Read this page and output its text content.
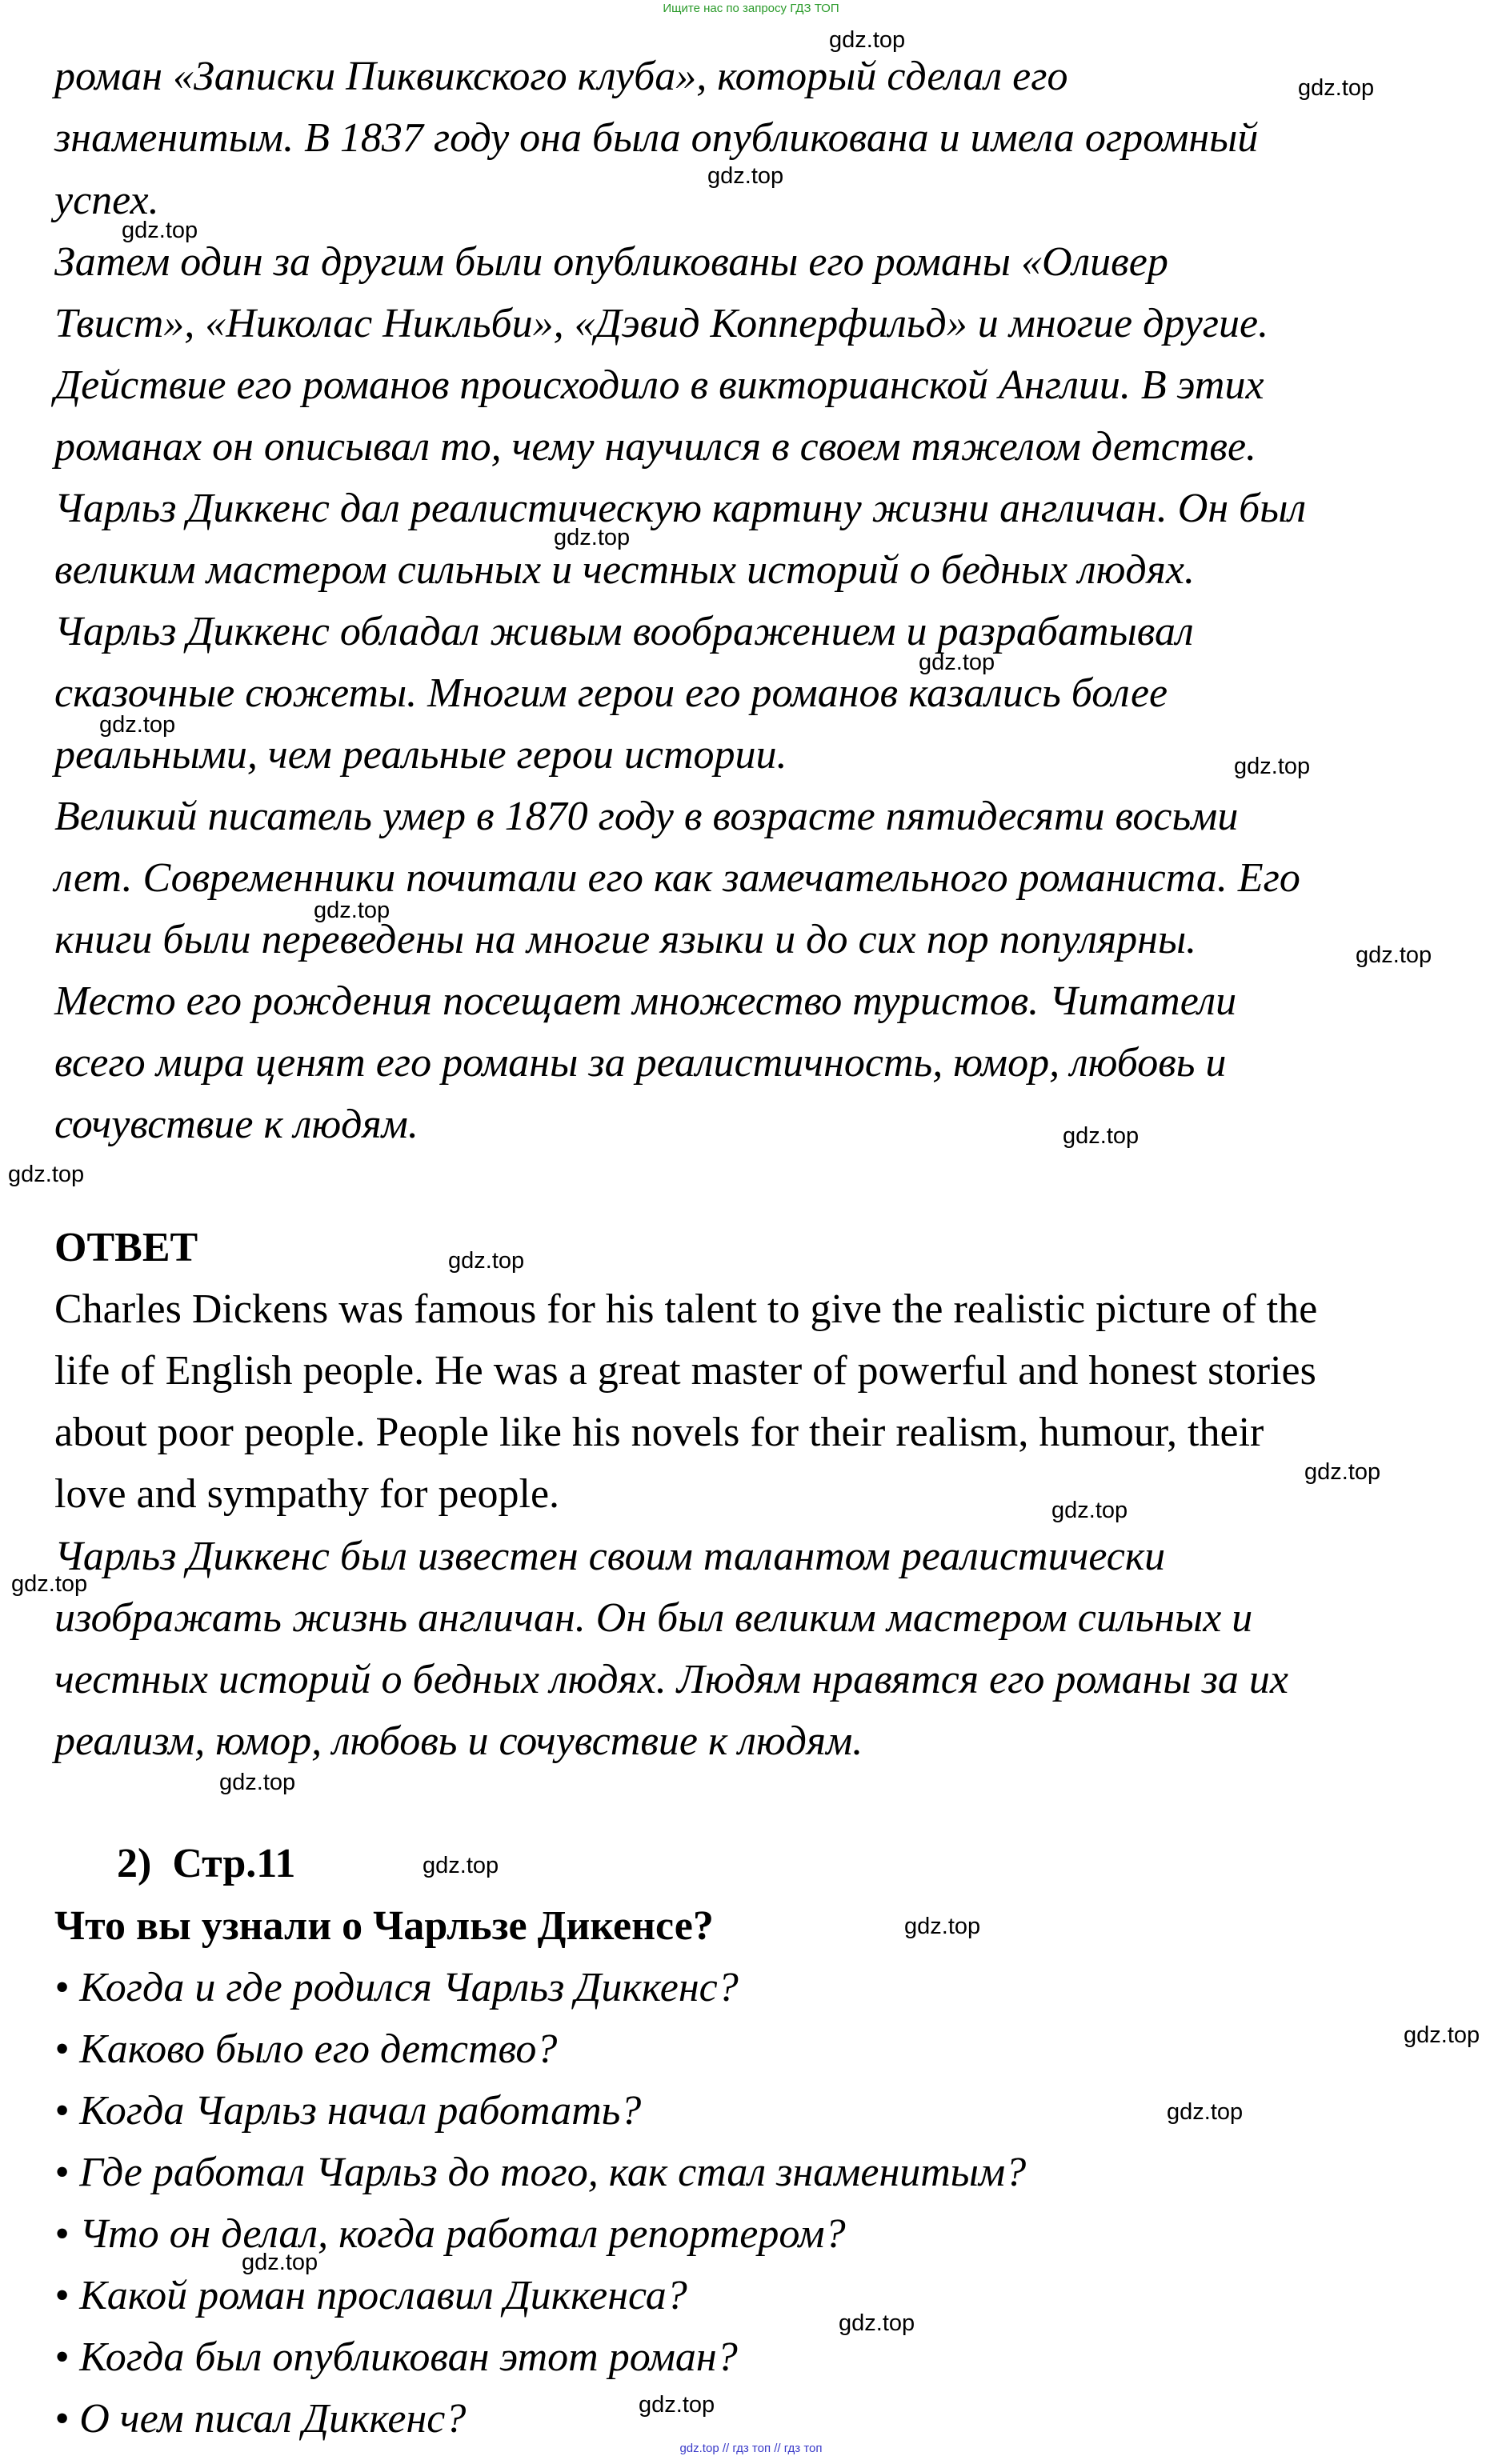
Ищите нас по запросу ГДЗ ТОП
роман «Записки Пиквикского клуба», который сделал его
знаменитым. В 1837 году она была опубликована и имела огромный
успех.
Затем один за другим были опубликованы его романы «Оливер
Твист», «Николас Никльби», «Дэвид Копперфильд» и многие другие.
Действие его романов происходило в викторианской Англии. В этих
романах он описывал то, чему научился в своем тяжелом детстве.
Чарльз Диккенс дал реалистическую картину жизни англичан. Он был
великим мастером сильных и честных историй о бедных людях.
Чарльз Диккенс обладал живым воображением и разрабатывал
сказочные сюжеты. Многим герои его романов казались более
реальными, чем реальные герои истории.
Великий писатель умер в 1870 году в возрасте пятидесяти восьми
лет. Современники почитали его как замечательного романиста. Его
книги были переведены на многие языки и до сих пор популярны.
Место его рождения посещает множество туристов. Читатели
всего мира ценят его романы за реалистичность, юмор, любовь и
сочувствие к людям.
ОТВЕТ
Charles Dickens was famous for his talent to give the realistic picture of the
life of English people. He was a great master of powerful and honest stories
about poor people. People like his novels for their realism, humour, their
love and sympathy for people.
Чарльз Диккенс был известен своим талантом реалистически
изображать жизнь англичан. Он был великим мастером сильных и
честных историй о бедных людях. Людям нравятся его романы за их
реализм, юмор, любовь и сочувствие к людям.
2)  Стр.11
Что вы узнали о Чарльзе Дикенсе?
• Когда и где родился Чарльз Диккенс?
• Каково было его детство?
• Когда Чарльз начал работать?
• Где работал Чарльз до того, как стал знаменитым?
• Что он делал, когда работал репортером?
• Какой роман прославил Диккенса?
• Когда был опубликован этот роман?
• О чем писал Диккенс?
gdz.top
gdz.top
gdz.top
gdz.top
gdz.top
gdz.top
gdz.top
gdz.top
gdz.top
gdz.top
gdz.top
gdz.top
gdz.top
gdz.top
gdz.top
gdz.top
gdz.top
gdz.top
gdz.top
gdz.top
gdz.top
gdz.top
gdz.top
gdz.top
gdz.top // гдз топ // гдз топ
